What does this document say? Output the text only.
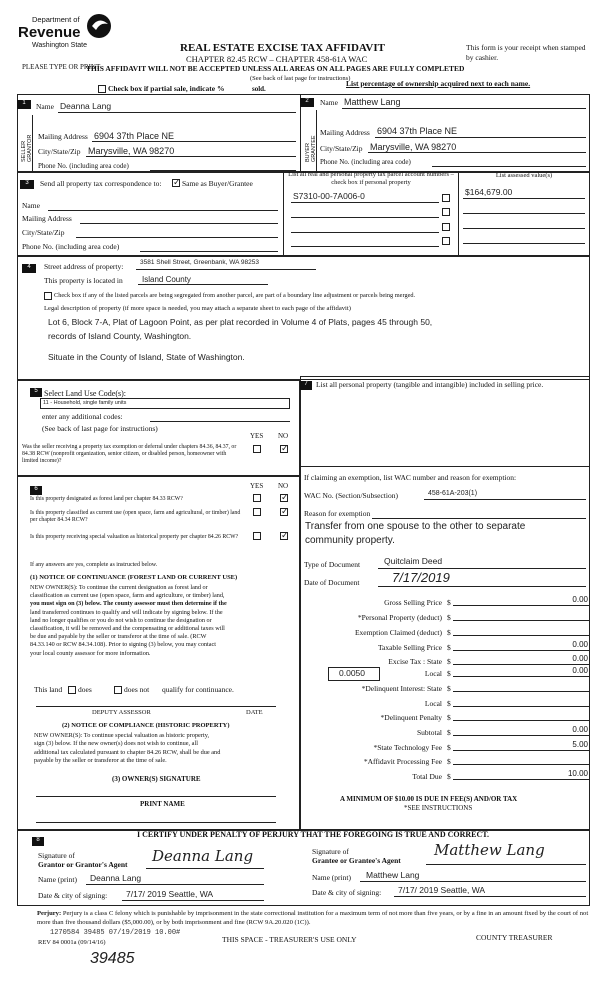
Department of
Revenue
Washington State
PLEASE TYPE OR PRINT
REAL ESTATE EXCISE TAX AFFIDAVIT
CHAPTER 82.45 RCW – CHAPTER 458-61A WAC
THIS AFFIDAVIT WILL NOT BE ACCEPTED UNLESS ALL AREAS ON ALL PAGES ARE FULLY COMPLETED
(See back of last page for instructions)
This form is your receipt when stamped by cashier.
Check box if partial sale, indicate %	sold.
List percentage of ownership acquired next to each name.
1	2
SELLER GRANTOR	BUYER GRANTEE
Name Deanna Lang
Mailing Address 6904 37th Place NE
City/State/Zip Marysville, WA 98270
Phone No. (including area code)
Name Matthew Lang
Mailing Address 6904 37th Place NE
City/State/Zip Marysville, WA 98270
Phone No. (including area code)
3	Send all property tax correspondence to: ✓	Same as Buyer/Grantee
Name
Mailing Address
City/State/Zip
Phone No. (including area code)
List all real and personal property tax parcel account numbers – check box if personal property
List assessed value(s)
S7310-00-7A006-0	$164,679.00
4	Street address of property:	3581 Shell Street, Greenbank, WA 98253
This property is located in Island County
Check box if any of the listed parcels are being segregated from another parcel, are part of a boundary line adjustment or parcels being merged.
Legal description of property (if more space is needed, you may attach a separate sheet to each page of the affidavit)
Lot 6, Block 7-A, Plat of Lagoon Point, as per plat recorded in Volume 4 of Plats, pages 45 through 50,
records of Island County, Washington.
Situate in the County of Island, State of Washington.
5 Select Land Use Code(s):
11 - Household, single family units
enter any additional codes:
(See back of last page for instructions)
YES NO
Was the seller receiving a property tax exemption or deferral under chapters 84.36, 84.37, or 84.38 RCW (nonprofit organization, senior citizen, or disabled person, homeowner with limited income)?
✓
6	YES NO
Is this property designated as forest land per chapter 84.33 RCW?
✓
Is this property classified as current use (open space, farm and agricultural, or timber) land per chapter 84.34 RCW?
✓
Is this property receiving special valuation as historical property per chapter 84.26 RCW?
✓
If any answers are yes, complete as instructed below.
(1) NOTICE OF CONTINUANCE (FOREST LAND OR CURRENT USE)
NEW OWNER(S): To continue the current designation as forest land or
classification as current use (open space, farm and agriculture, or timber) land,
you must sign on (3) below. The county assessor must then determine if the
land transferred continues to qualify and will indicate by signing below. If the
land no longer qualifies or you do not wish to continue the designation or
classification, it will be removed and the compensating or additional taxes will
be due and payable by the seller or transferor at the time of sale. (RCW
84.33.140 or RCW 84.34.108). Prior to signing (3) below, you may contact
your local county assessor for more information.
This land does	does not qualify for continuance.
DEPUTY ASSESSOR	DATE
(2) NOTICE OF COMPLIANCE (HISTORIC PROPERTY)
NEW OWNER(S): To continue special valuation as historic property,
sign (3) below. If the new owner(s) does not wish to continue, all
additional tax calculated pursuant to chapter 84.26 RCW, shall be due and
payable by the seller or transferor at the time of sale.
(3) OWNER(S) SIGNATURE
PRINT NAME
7	List all personal property (tangible and intangible) included in selling price.
If claiming an exemption, list WAC number and reason for exemption:
WAC No. (Section/Subsection)	458-61A-203(1)
Reason for exemption
Transfer from one spouse to the other to separate
community property.
Type of Document	Quitclaim Deed
Date of Document	7/17/2019
Gross Selling Price $	0.00
*Personal Property (deduct) $
Exemption Claimed (deduct) $
Taxable Selling Price $	0.00
Excise Tax : State $	0.00
0.0050	Local $	0.00
*Delinquent Interest: State $
Local $
*Delinquent Penalty $
Subtotal $	0.00
*State Technology Fee $	5.00
*Affidavit Processing Fee $
Total Due $	10.00
A MINIMUM OF $10.00 IS DUE IN FEE(S) AND/OR TAX
*SEE INSTRUCTIONS
8
I CERTIFY UNDER PENALTY OF PERJURY THAT THE FOREGOING IS TRUE AND CORRECT.
Signature of
Grantor or Grantor's Agent Deanna Lang
Name (print) Deanna Lang
Date & city of signing: 7/17/ 2019 Seattle, WA
Signature of
Grantee or Grantee's Agent
Matthew Lang
Name (print) Matthew Lang
Date & city of signing: 7/17/ 2019 Seattle, WA
Perjury: Perjury is a class C felony which is punishable by imprisonment in the state correctional institution for a maximum term of not more than five years, or by a fine in an amount fixed by the court of not more than five thousand dollars ($5,000.00), or by both imprisonment and fine (RCW 9A.20.020 (1C)).
1270584 39485 07/19/2019 10.00#
REV 84 0001a (09/14/16)	THIS SPACE - TREASURER'S USE ONLY	COUNTY TREASURER
39485
